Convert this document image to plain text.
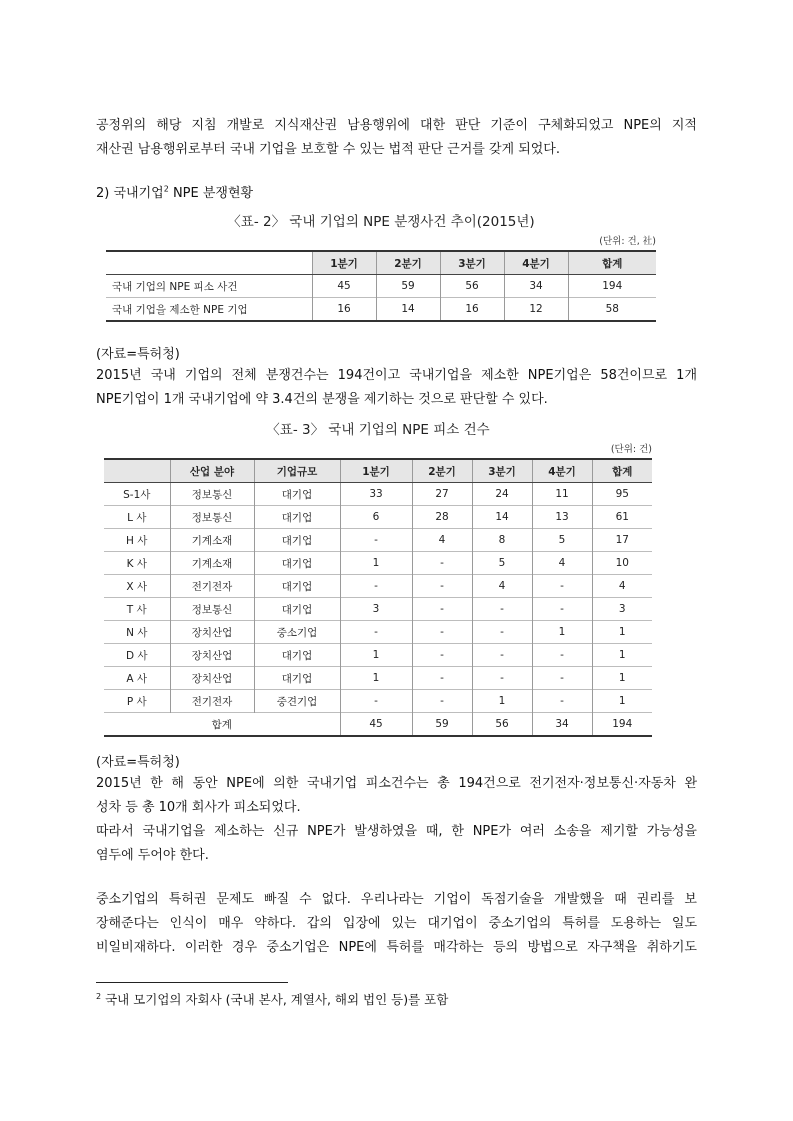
공정위의 해당 지침 개발로 지식재산권 남용행위에 대한 판단 기준이 구체화되었고 NPE의 지적
재산권 남용행위로부터 국내 기업을 보호할 수 있는 법적 판단 근거를 갖게 되었다.

2) 국내기업$^2$ NPE 분쟁현황

〈표- 2〉 국내 기업의 NPE 분쟁사건 추이(2015년)

(단위: 건, 社)

	1분기	2분기	3분기	4분기	합계
국내 기업의 NPE 피소 사건	45	59	56	34	194
국내 기업을 제소한 NPE 기업	16	14	16	12	58

(자료=특허청)

2015년 국내 기업의 전체 분쟁건수는 194건이고 국내기업을 제소한 NPE기업은 58건이므로 1개
NPE기업이 1개 국내기업에 약 3.4건의 분쟁을 제기하는 것으로 판단할 수 있다.

〈표- 3〉 국내 기업의 NPE 피소 건수

(단위: 건)

	산업 분야	기업규모	1분기	2분기	3분기	4분기	합계
S-1사	정보통신	대기업	33	27	24	11	95
L 사	정보통신	대기업	6	28	14	13	61
H 사	기계소재	대기업	-	4	8	5	17
K 사	기계소재	대기업	1	-	5	4	10
X 사	전기전자	대기업	-	-	4	-	4
T 사	정보통신	대기업	3	-	-	-	3
N 사	장치산업	중소기업	-	-	-	1	1
D 사	장치산업	대기업	1	-	-	-	1
A 사	장치산업	대기업	1	-	-	-	1
P 사	전기전자	중견기업	-	-	1	-	1
합계			45	59	56	34	194

(자료=특허청)

2015년 한 해 동안 NPE에 의한 국내기업 피소건수는 총 194건으로 전기전자·정보통신·자동차 완
성차 등 총 10개 회사가 피소되었다.

따라서 국내기업을 제소하는 신규 NPE가 발생하였을 때, 한 NPE가 여러 소송을 제기할 가능성을
염두에 두어야 한다.

중소기업의 특허권 문제도 빠질 수 없다. 우리나라는 기업이 독점기술을 개발했을 때 권리를 보
장해준다는 인식이 매우 약하다. 갑의 입장에 있는 대기업이 중소기업의 특허를 도용하는 일도
비일비재하다. 이러한 경우 중소기업은 NPE에 특허를 매각하는 등의 방법으로 자구책을 취하기도

$^2$ 국내 모기업의 자회사 (국내 본사, 계열사, 해외 법인 등)를 포함
